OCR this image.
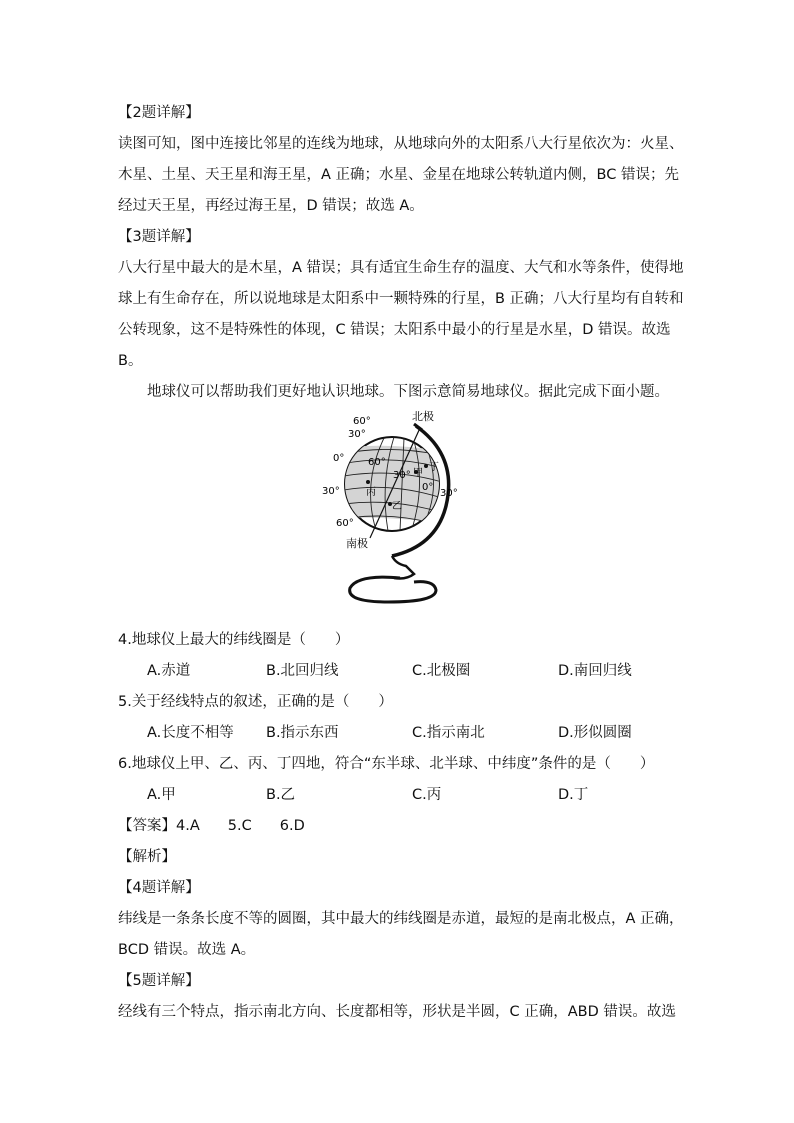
【2题详解】
读图可知，图中连接比邻星的连线为地球，从地球向外的太阳系八大行星依次为：火星、
木星、土星、天王星和海王星，A 正确；水星、金星在地球公转轨道内侧，BC 错误；先
经过天王星，再经过海王星，D 错误；故选 A。
【3题详解】
八大行星中最大的是木星，A 错误；具有适宜生命生存的温度、大气和水等条件，使得地
球上有生命存在，所以说地球是太阳系中一颗特殊的行星，B 正确；八大行星均有自转和
公转现象，这不是特殊性的体现，C 错误；太阳系中最小的行星是水星，D 错误。故选
B。
地球仪可以帮助我们更好地认识地球。下图示意简易地球仪。据此完成下面小题。
4.地球仪上最大的纬线圈是（　　）
A.赤道	B.北回归线	C.北极圈	D.南回归线
5.关于经线特点的叙述，正确的是（　　）
A.长度不相等	B.指示东西	C.指示南北	D.形似圆圈
6.地球仪上甲、乙、丙、丁四地，符合“东半球、北半球、中纬度”条件的是（　　）
A.甲	B.乙	C.丙	D.丁
【答案】4.A 5.C 6.D
【解析】
【4题详解】
纬线是一条条长度不等的圆圈，其中最大的纬线圈是赤道，最短的是南北极点，A 正确，
BCD 错误。故选 A。
【5题详解】
经线有三个特点，指示南北方向、长度都相等，形状是半圆，C 正确，ABD 错误。故选
北极
南极
60°
30°
0°
30°
60°
60°
30°
0°
30°
甲
乙
丙
丁
